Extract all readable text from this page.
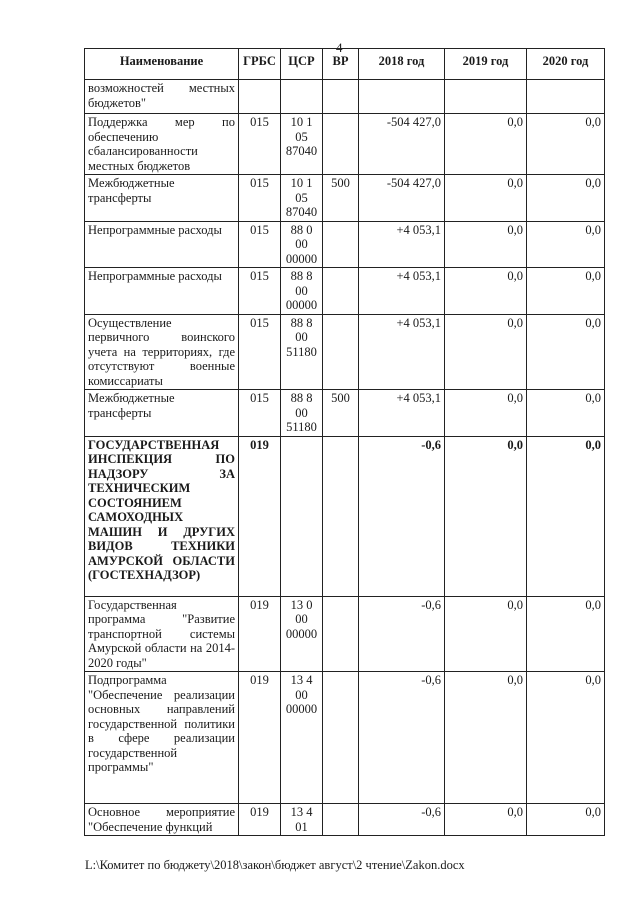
4
Наименование	ГРБС	ЦСР	ВР	2018 год	2019 год	2020 год
возможностей местных бюджетов"						
Поддержка мер по обеспечению сбалансированности местных бюджетов	015	10 1 05 87040		-504 427,0	0,0	0,0
Межбюджетные трансферты	015	10 1 05 87040	500	-504 427,0	0,0	0,0
Непрограммные расходы	015	88 0 00 00000		+4 053,1	0,0	0,0
Непрограммные расходы	015	88 8 00 00000		+4 053,1	0,0	0,0
Осуществление первичного воинского учета на территориях, где отсутствуют военные комиссариаты	015	88 8 00 51180		+4 053,1	0,0	0,0
Межбюджетные трансферты	015	88 8 00 51180	500	+4 053,1	0,0	0,0
ГОСУДАРСТВЕННАЯ ИНСПЕКЦИЯ ПО НАДЗОРУ ЗА ТЕХНИЧЕСКИМ СОСТОЯНИЕМ САМОХОДНЫХ МАШИН И ДРУГИХ ВИДОВ ТЕХНИКИ АМУРСКОЙ ОБЛАСТИ (ГОСТЕХНАДЗОР)	019			-0,6	0,0	0,0
Государственная программа "Развитие транспортной системы Амурской области на 2014-2020 годы"	019	13 0 00 00000		-0,6	0,0	0,0
Подпрограмма "Обеспечение реализации основных направлений государственной политики в сфере реализации государственной программы"	019	13 4 00 00000		-0,6	0,0	0,0
Основное мероприятие "Обеспечение функций	019	13 4 01		-0,6	0,0	0,0
L:\Комитет по бюджету\2018\закон\бюджет август\2 чтение\Zakon.docx
